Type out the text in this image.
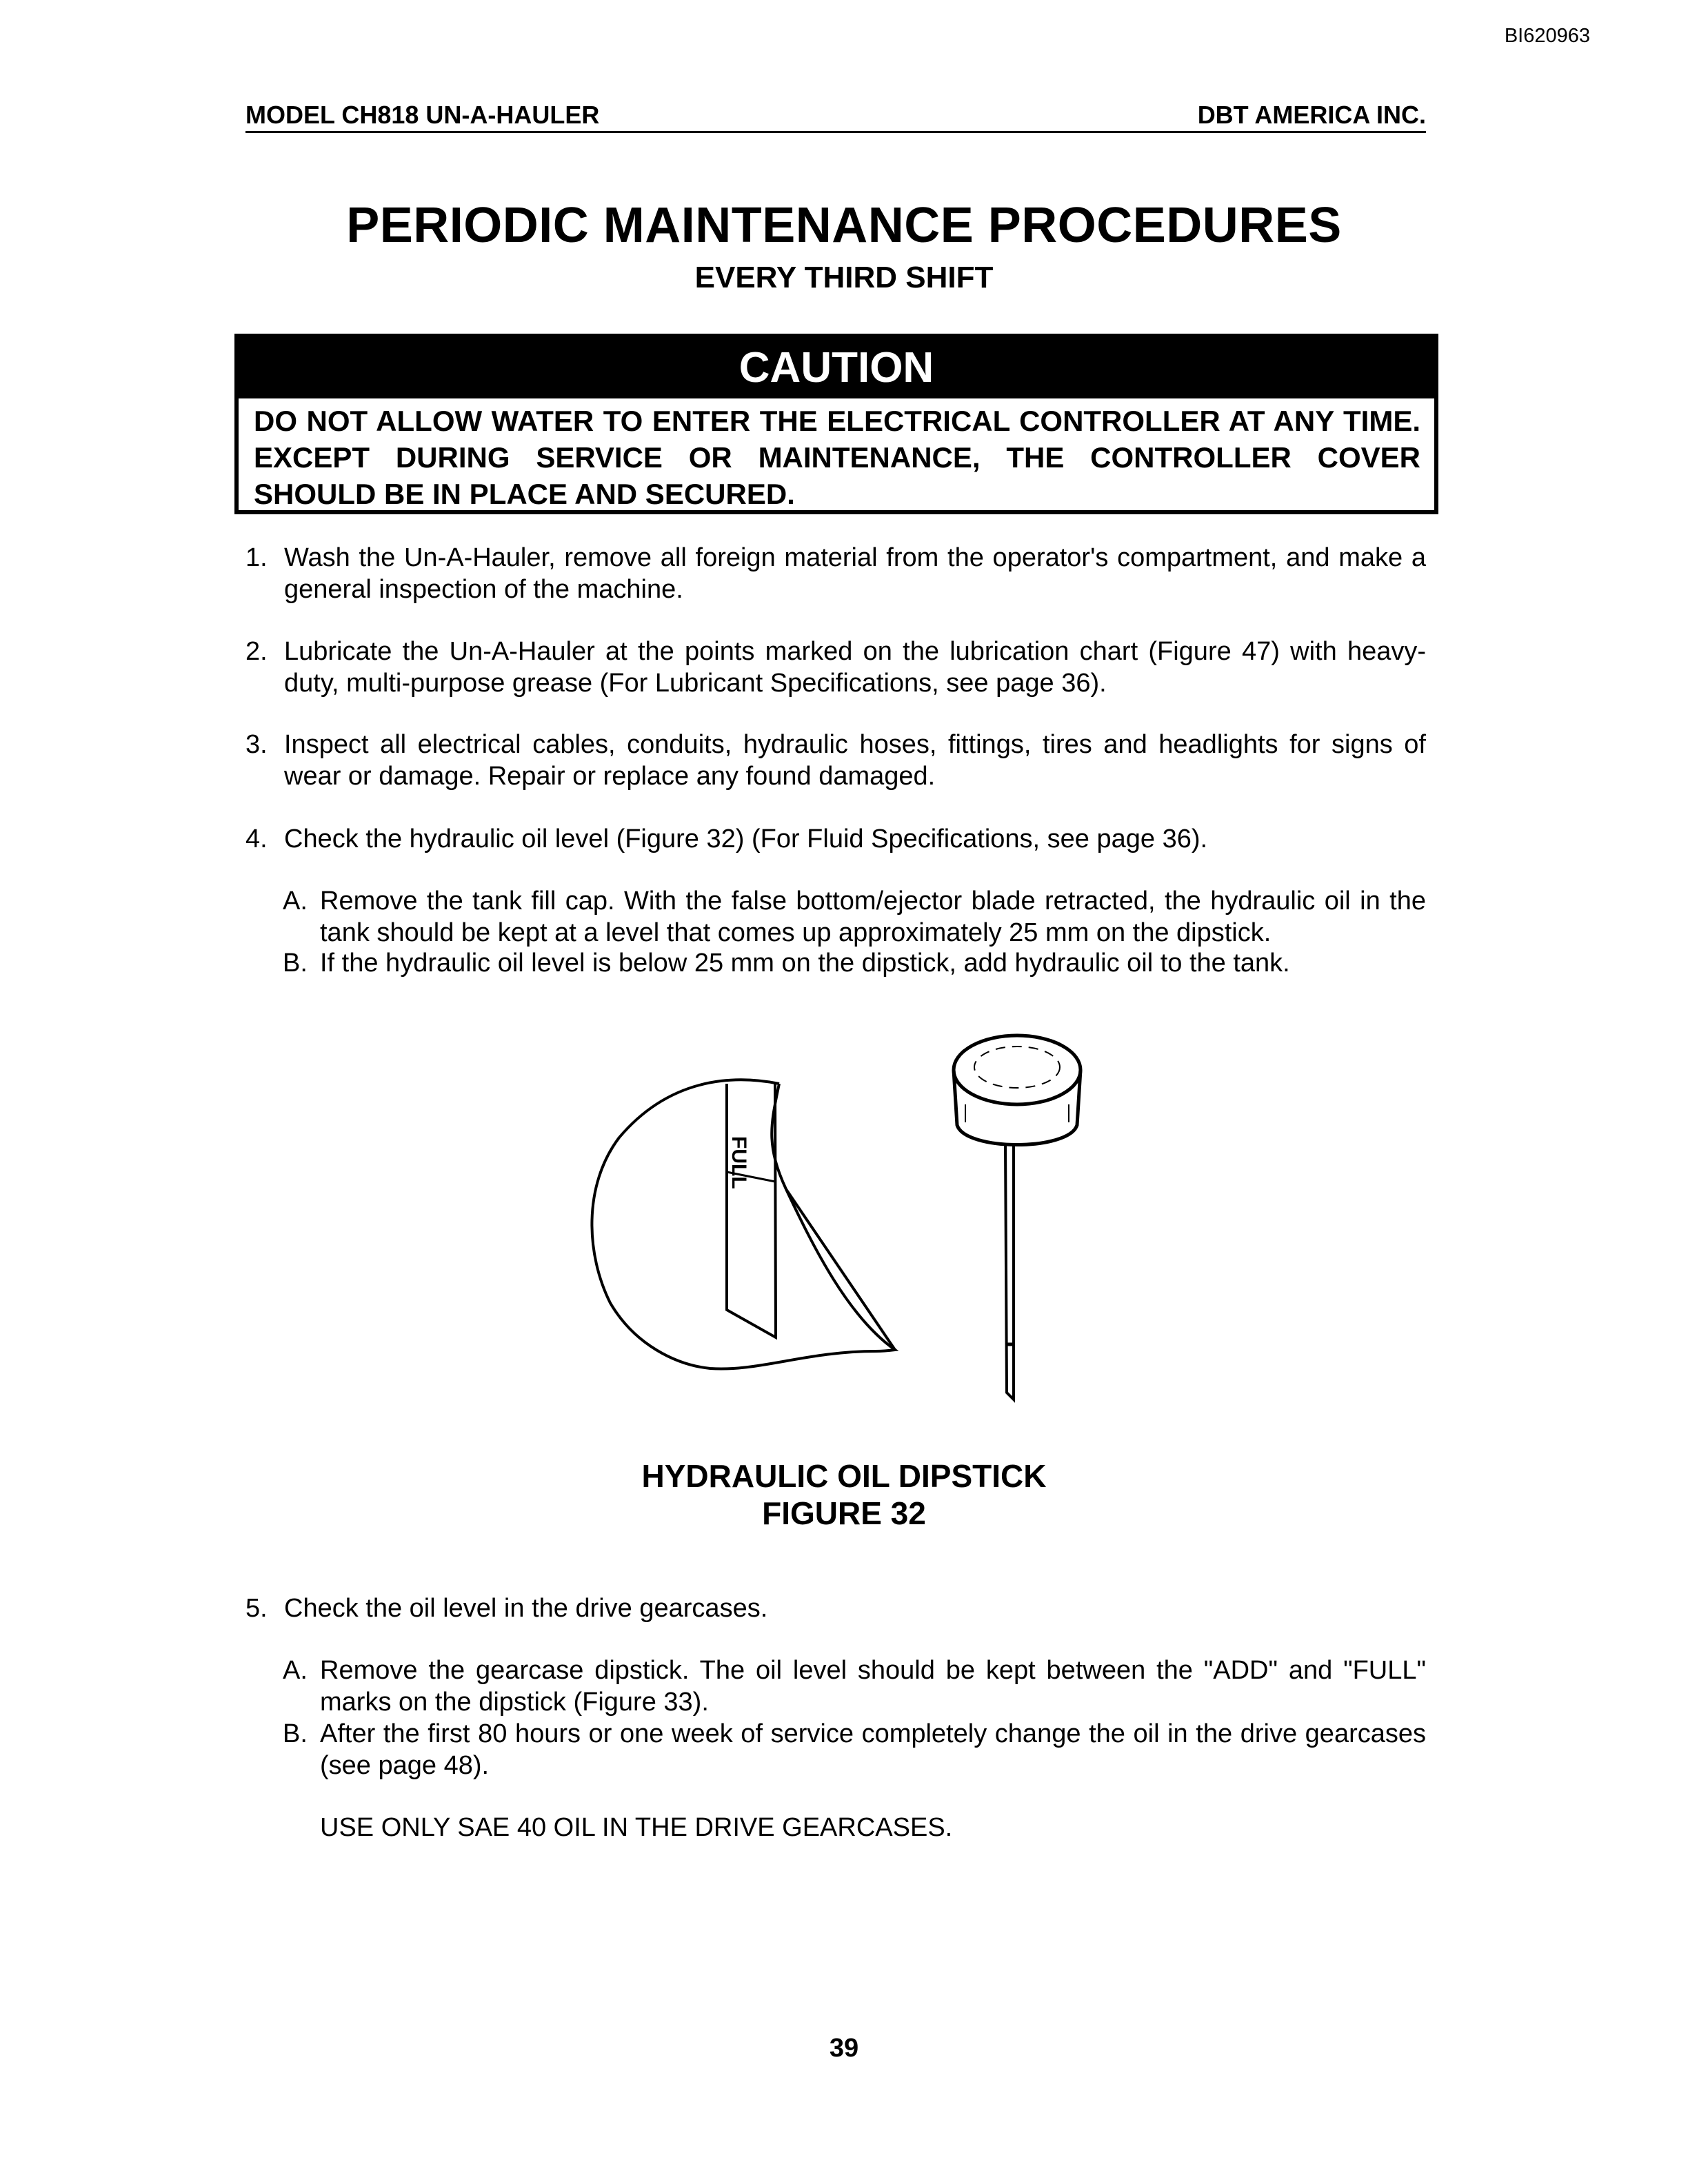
BI620963
MODEL CH818 UN-A-HAULER	DBT AMERICA INC.
PERIODIC MAINTENANCE PROCEDURES
EVERY THIRD SHIFT
CAUTION
DO NOT ALLOW WATER TO ENTER THE ELECTRICAL CONTROLLER AT ANY TIME. EXCEPT DURING SERVICE OR MAINTENANCE, THE CONTROLLER COVER SHOULD BE IN PLACE AND SECURED.
1. Wash the Un-A-Hauler, remove all foreign material from the operator's compartment, and make a general inspection of the machine.
2. Lubricate the Un-A-Hauler at the points marked on the lubrication chart (Figure 47) with heavy-duty, multi-purpose grease (For Lubricant Specifications, see page 36).
3. Inspect all electrical cables, conduits, hydraulic hoses, fittings, tires and headlights for signs of wear or damage. Repair or replace any found damaged.
4. Check the hydraulic oil level (Figure 32) (For Fluid Specifications, see page 36).
A. Remove the tank fill cap. With the false bottom/ejector blade retracted, the hydraulic oil in the tank should be kept at a level that comes up approximately 25 mm on the dipstick.
B. If the hydraulic oil level is below 25 mm on the dipstick, add hydraulic oil to the tank.
FULL
HYDRAULIC OIL DIPSTICK
FIGURE 32
5. Check the oil level in the drive gearcases.
A. Remove the gearcase dipstick. The oil level should be kept between the "ADD" and "FULL" marks on the dipstick (Figure 33).
B. After the first 80 hours or one week of service completely change the oil in the drive gearcases (see page 48).
USE ONLY SAE 40 OIL IN THE DRIVE GEARCASES.
39
